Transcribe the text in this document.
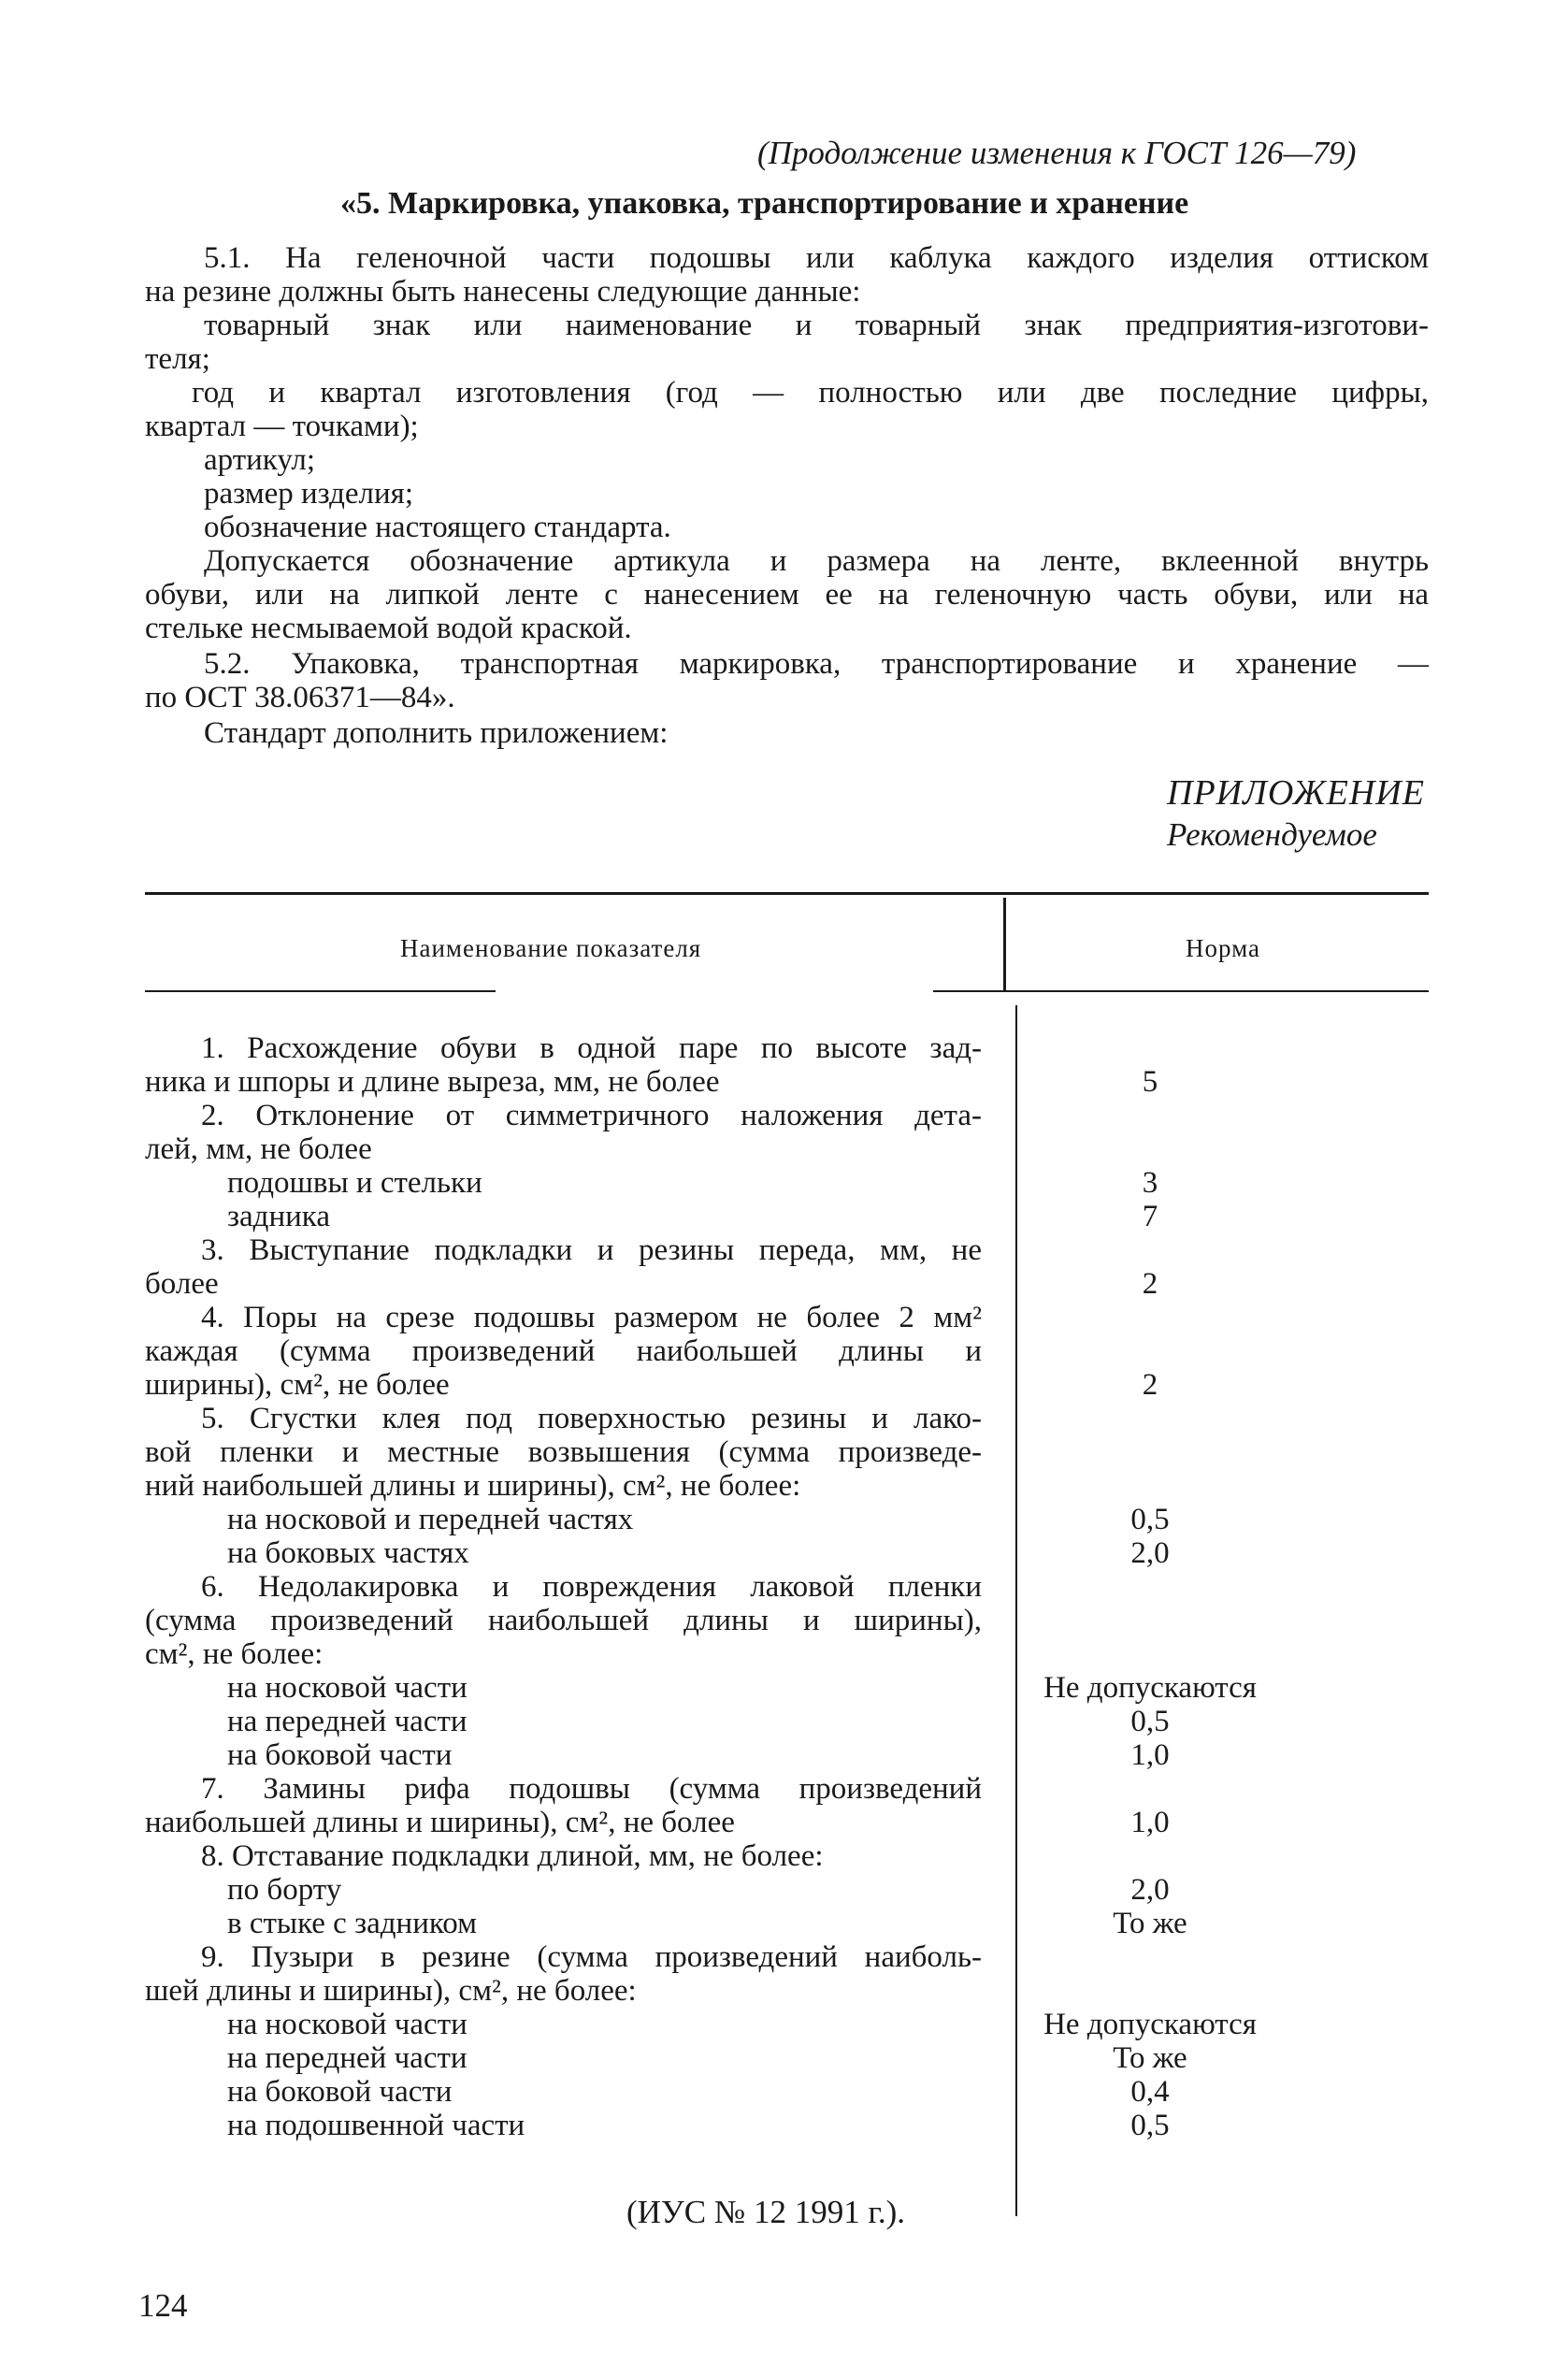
(Продолжение изменения к ГОСТ 126—79)
«5. Маркировка, упаковка, транспортирование и хранение
5.1. На геленочной части подошвы или каблука каждого изделия оттиском
на резине должны быть нанесены следующие данные:
товарный знак или наименование и товарный знак предприятия-изготови-
теля;
год и квартал изготовления (год — полностью или две последние цифры,
квартал — точками);
артикул;
размер изделия;
обозначение настоящего стандарта.
Допускается обозначение артикула и размера на ленте, вклеенной внутрь
обуви, или на липкой ленте с нанесением ее на геленочную часть обуви, или на
стельке несмываемой водой краской.
5.2. Упаковка, транспортная маркировка, транспортирование и хранение —
по ОСТ 38.06371—84».
Стандарт дополнить приложением:
ПРИЛОЖЕНИЕ
Рекомендуемое
Наименование показателя	Норма
1. Расхождение обуви в одной паре по высоте зад-
ника и шпоры и длине выреза, мм, не более	5
2. Отклонение от симметричного наложения дета-
лей, мм, не более
подошвы и стельки	3
задника	7
3. Выступание подкладки и резины переда, мм, не
более	2
4. Поры на срезе подошвы размером не более 2 мм²
каждая (сумма произведений наибольшей длины и
ширины), см², не более	2
5. Сгустки клея под поверхностью резины и лако-
вой пленки и местные возвышения (сумма произведе-
ний наибольшей длины и ширины), см², не более:
на носковой и передней частях	0,5
на боковых частях	2,0
6. Недолакировка и повреждения лаковой пленки
(сумма произведений наибольшей длины и ширины),
см², не более:
на носковой части	Не допускаются
на передней части	0,5
на боковой части	1,0
7. Замины рифа подошвы (сумма произведений
наибольшей длины и ширины), см², не более	1,0
8. Отставание подкладки длиной, мм, не более:
по борту	2,0
в стыке с задником	То же
9. Пузыри в резине (сумма произведений наиболь-
шей длины и ширины), см², не более:
на носковой части	Не допускаются
на передней части	То же
на боковой части	0,4
на подошвенной части	0,5
(ИУС № 12 1991 г.).
124
